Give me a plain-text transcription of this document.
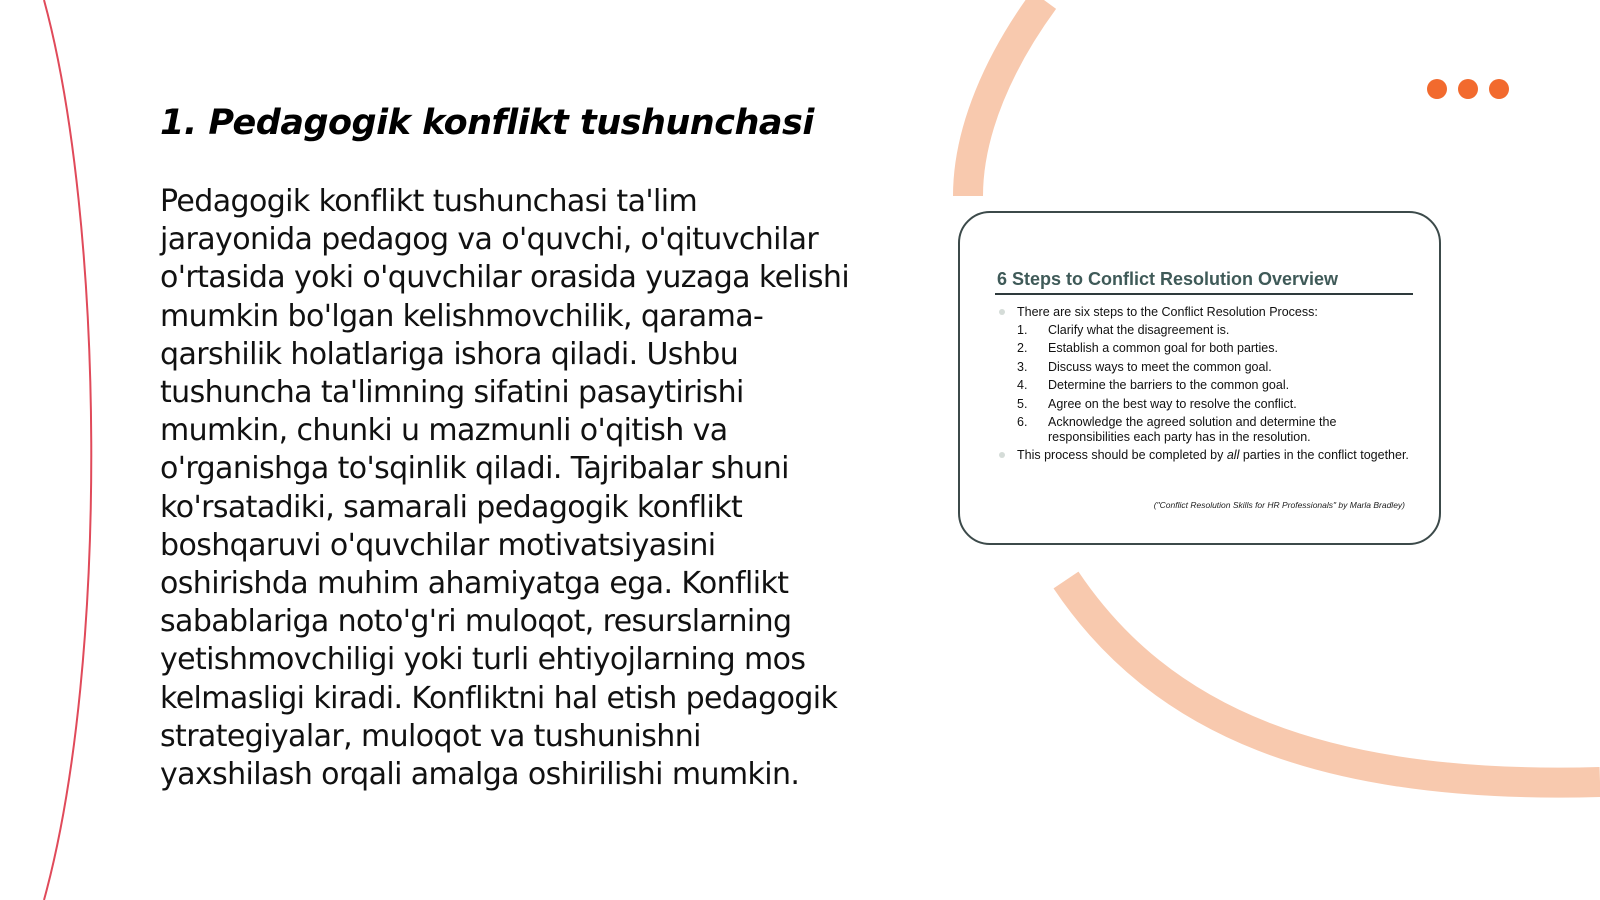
1. Pedagogik konflikt tushunchasi

Pedagogik konflikt tushunchasi ta'lim jarayonida pedagog va o'quvchi, o'qituvchilar o'rtasida yoki o'quvchilar orasida yuzaga kelishi mumkin bo'lgan kelishmovchilik, qarama-qarshilik holatlariga ishora qiladi. Ushbu tushuncha ta'limning sifatini pasaytirishi mumkin, chunki u mazmunli o'qitish va o'rganishga to'sqinlik qiladi. Tajribalar shuni ko'rsatadiki, samarali pedagogik konflikt boshqaruvi o'quvchilar motivatsiyasini oshirishda muhim ahamiyatga ega. Konflikt sabablariga noto'g'ri muloqot, resurslarning yetishmovchiligi yoki turli ehtiyojlarning mos kelmasligi kiradi. Konfliktni hal etish pedagogik strategiyalar, muloqot va tushunishni yaxshilash orqali amalga oshirilishi mumkin.

6 Steps to Conflict Resolution Overview
There are six steps to the Conflict Resolution Process:
1. Clarify what the disagreement is.
2. Establish a common goal for both parties.
3. Discuss ways to meet the common goal.
4. Determine the barriers to the common goal.
5. Agree on the best way to resolve the conflict.
6. Acknowledge the agreed solution and determine the responsibilities each party has in the resolution.
This process should be completed by all parties in the conflict together.
("Conflict Resolution Skills for HR Professionals" by Marla Bradley)
